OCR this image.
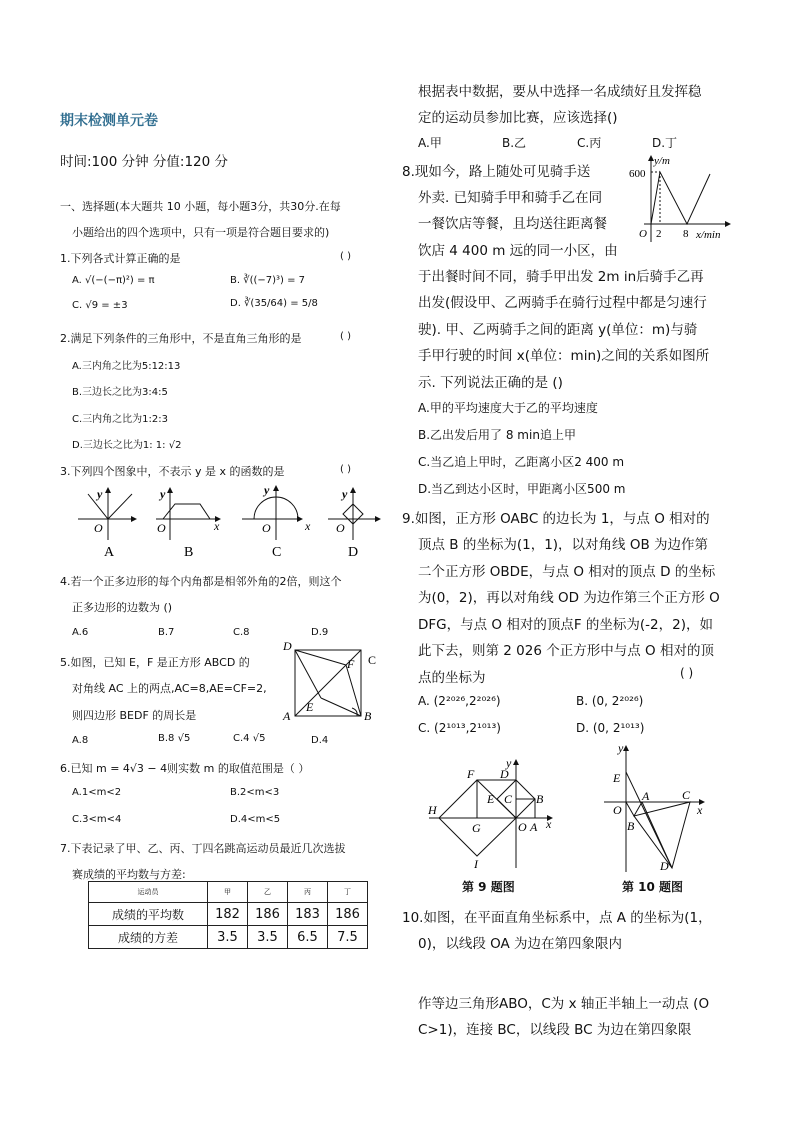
期末检测单元卷
时间:100 分钟 分值:120 分
一、选择题(本大题共 10 小题，每小题3分，共30分.在每
小题给出的四个选项中，只有一项是符合题目要求的)
1.下列各式计算正确的是	( )
A. √(−(−π)²) = π	B. ∛((−7)³) = 7
C. √9 = ±3	D. ∛(35/64) = 5/8
2.满足下列条件的三角形中，不是直角三角形的是	( )
A.三内角之比为5:12:13
B.三边长之比为3:4:5
C.三内角之比为1:2:3
D.三边长之比为1: 1: √2
3.下列四个图象中，不表示 y 是 x 的函数的是	( )
y
O
A
y
O	x
B
y
O	x
C
y
O
D
4.若一个正多边形的每个内角都是相邻外角的2倍，则这个
正多边形的边数为 ()
A.6	B.7	C.8	D.9
5.如图，已知 E，F 是正方形 ABCD 的
对角线 AC 上的两点,AC=8,AE=CF=2,
则四边形 BEDF 的周长是
A.8	B.8 √5	C.4 √5	D.4
D
C
F
E
A	B
6.已知 m = 4√3 − 4则实数 m 的取值范围是（ ）
A.1<m<2	B.2<m<3
C.3<m<4	D.4<m<5
7.下表记录了甲、乙、丙、丁四名跳高运动员最近几次选拔
赛成绩的平均数与方差:
运动员	甲	乙	丙	丁
成绩的平均数	182	186	183	186
成绩的方差	3.5	3.5	6.5	7.5
根据表中数据，要从中选择一名成绩好且发挥稳
定的运动员参加比赛，应该选择()
A.甲	B.乙	C.丙	D.丁
8.现如今，路上随处可见骑手送
外卖. 已知骑手甲和骑手乙在同
一餐饮店等餐，且均送往距离餐
饮店 4 400 m 远的同一小区，由
于出餐时间不同，骑手甲出发 2m in后骑手乙再
出发(假设甲、乙两骑手在骑行过程中都是匀速行
驶). 甲、乙两骑手之间的距离 y(单位：m)与骑
手甲行驶的时间 x(单位：min)之间的关系如图所
示. 下列说法正确的是 ()
A.甲的平均速度大于乙的平均速度
B.乙出发后用了 8 min追上甲
C.当乙追上甲时，乙距离小区2 400 m
D.当乙到达小区时，甲距离小区500 m
y/m
600
O 2 8 x/min
9.如图，正方形 OABC 的边长为 1，与点 O 相对的
顶点 B 的坐标为(1，1)，以对角线 OB 为边作第
二个正方形 OBDE，与点 O 相对的顶点 D 的坐标
为(0，2)，再以对角线 OD 为边作第三个正方形 O
DFG，与点 O 相对的顶点F 的坐标为(-2，2)，如
此下去，则第 2 026 个正方形中与点 O 相对的顶
点的坐标为	( )
A. (2²⁰²⁶,2²⁰²⁶)	B. (0, 2²⁰²⁶)
C. (2¹⁰¹³,2¹⁰¹³)	D. (0, 2¹⁰¹³)
F D
y
H
E C B
G	O A x
I
第 9 题图
y
E
O
A	C
x
B
D
第 10 题图
10.如图，在平面直角坐标系中，点 A 的坐标为(1，
0)，以线段 OA 为边在第四象限内
作等边三角形ABO，C为 x 轴正半轴上一动点 (O
C>1)，连接 BC，以线段 BC 为边在第四象限
